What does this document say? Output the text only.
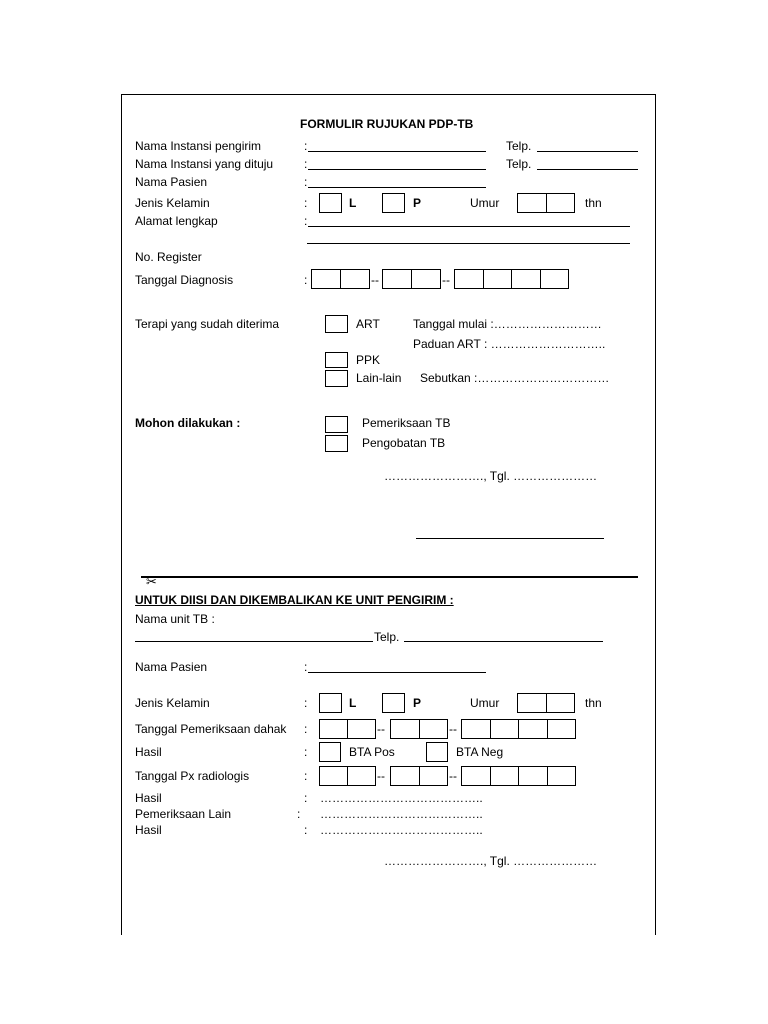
FORMULIR RUJUKAN PDP-TB
Nama Instansi pengirim	:	Telp.
Nama Instansi yang dituju	:	Telp.
Nama Pasien	:
Jenis Kelamin	:	L	P	Umur	thn
Alamat lengkap	:
No. Register
Tanggal Diagnosis	:	--	--
Terapi yang sudah diterima	ART	Tanggal mulai :………………………
Paduan ART : ………………………..
PPK
Lain-lain Sebutkan :……………………………
Mohon dilakukan :	Pemeriksaan TB
Pengobatan TB
……………………., Tgl. …………………
✂
UNTUK DIISI DAN DIKEMBALIKAN KE UNIT PENGIRIM :
Nama unit TB :
Telp.
Nama Pasien	:
Jenis Kelamin	:	L	P	Umur	thn
Tanggal Pemeriksaan dahak :	--	--
Hasil	:	BTA Pos	BTA Neg
Tanggal Px radiologis	:	--	--
Hasil	: …………………………………..
Pemeriksaan Lain	: …………………………………..
Hasil	: …………………………………..
……………………., Tgl. …………………
